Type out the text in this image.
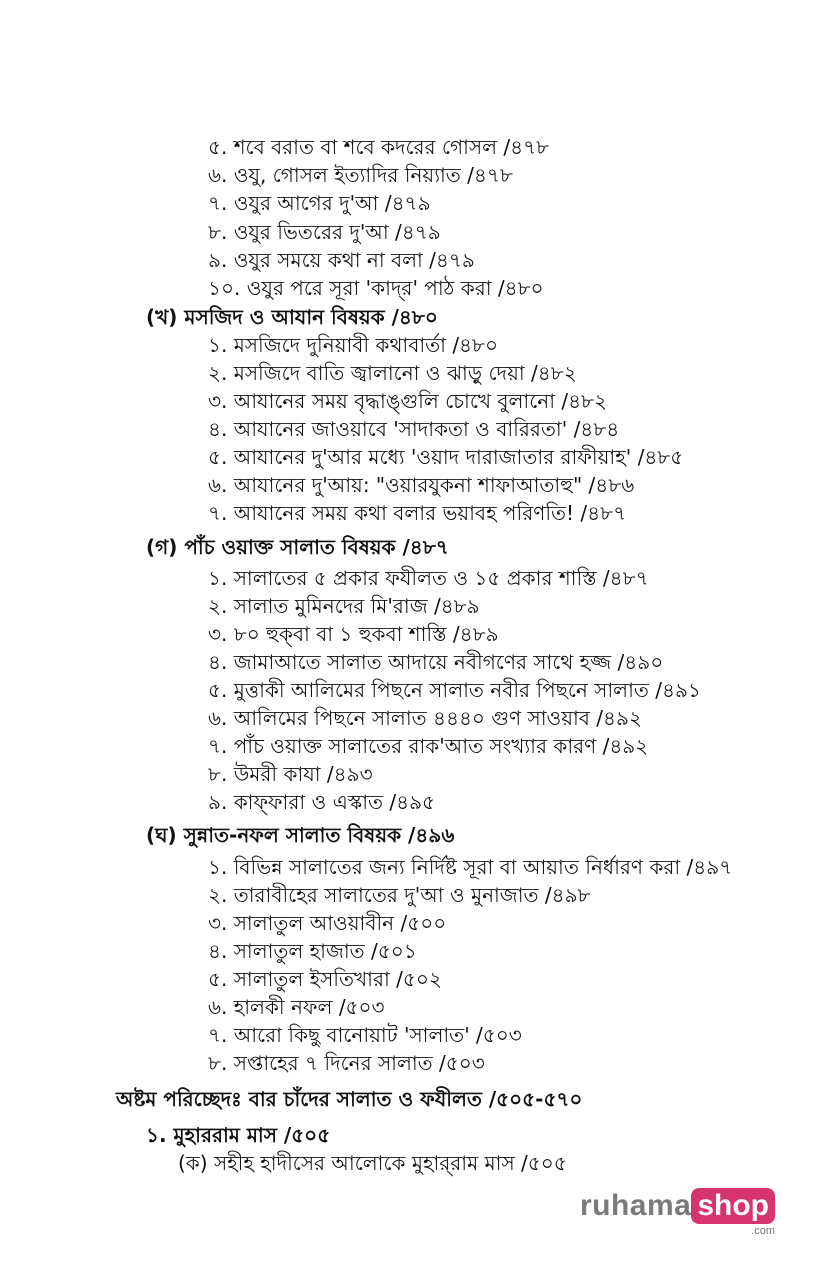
৫. শবে বরাত বা শবে কদরের গোসল /৪৭৮
৬. ওযু, গোসল ইত্যাদির নিয়্যাত /৪৭৮
৭. ওযুর আগের দু'আ /৪৭৯
৮. ওযুর ভিতরের দু'আ /৪৭৯
৯. ওযুর সময়ে কথা না বলা /৪৭৯
১০. ওযুর পরে সূরা 'কাদ্‌র' পাঠ করা /৪৮০
(খ) মসজিদ ও আযান বিষয়ক /৪৮০
১. মসজিদে দুনিয়াবী কথাবার্তা /৪৮০
২. মসজিদে বাতি জ্বালানো ও ঝাড়ু দেয়া /৪৮২
৩. আযানের সময় বৃদ্ধাঙ্গুলি চোখে বুলানো /৪৮২
৪. আযানের জাওয়াবে 'সাদাকতা ও বারিরতা' /৪৮৪
৫. আযানের দু'আর মধ্যে 'ওয়াদ দারাজাতার রাফীয়াহ' /৪৮৫
৬. আযানের দু'আয়: "ওয়ারযুকনা শাফাআতাহু" /৪৮৬
৭. আযানের সময় কথা বলার ভয়াবহ পরিণতি! /৪৮৭
(গ) পাঁচ ওয়াক্ত সালাত বিষয়ক /৪৮৭
১. সালাতের ৫ প্রকার ফযীলত ও ১৫ প্রকার শাস্তি /৪৮৭
২. সালাত মুমিনদের মি'রাজ /৪৮৯
৩. ৮০ হুক্‌বা বা ১ হুকবা শাস্তি /৪৮৯
৪. জামাআতে সালাত আদায়ে নবীগণের সাথে হজ্জ /৪৯০
৫. মুত্তাকী আলিমের পিছনে সালাত নবীর পিছনে সালাত /৪৯১
৬. আলিমের পিছনে সালাত ৪৪৪০ গুণ সাওয়াব /৪৯২
৭. পাঁচ ওয়াক্ত সালাতের রাক'আত সংখ্যার কারণ /৪৯২
৮. উমরী কাযা /৪৯৩
৯. কাফ্‌ফারা ও এস্কাত /৪৯৫
(ঘ) সুন্নাত-নফল সালাত বিষয়ক /৪৯৬
১. বিভিন্ন সালাতের জন্য নির্দিষ্ট সূরা বা আয়াত নির্ধারণ করা /৪৯৭
২. তারাবীহের সালাতের দু'আ ও মুনাজাত /৪৯৮
৩. সালাতুল আওয়াবীন /৫০০
৪. সালাতুল হাজাত /৫০১
৫. সালাতুল ইসতিখারা /৫০২
৬. হালকী নফল /৫০৩
৭. আরো কিছু বানোয়াট 'সালাত' /৫০৩
৮. সপ্তাহের ৭ দিনের সালাত /৫০৩
অষ্টম পরিচ্ছেদঃ বার চাঁদের সালাত ও ফযীলত /৫০৫-৫৭০
১. মুহাররাম মাস /৫০৫
(ক) সহীহ হাদীসের আলোকে মুহার্‌রাম মাস /৫০৫
ruhama shop
.com
